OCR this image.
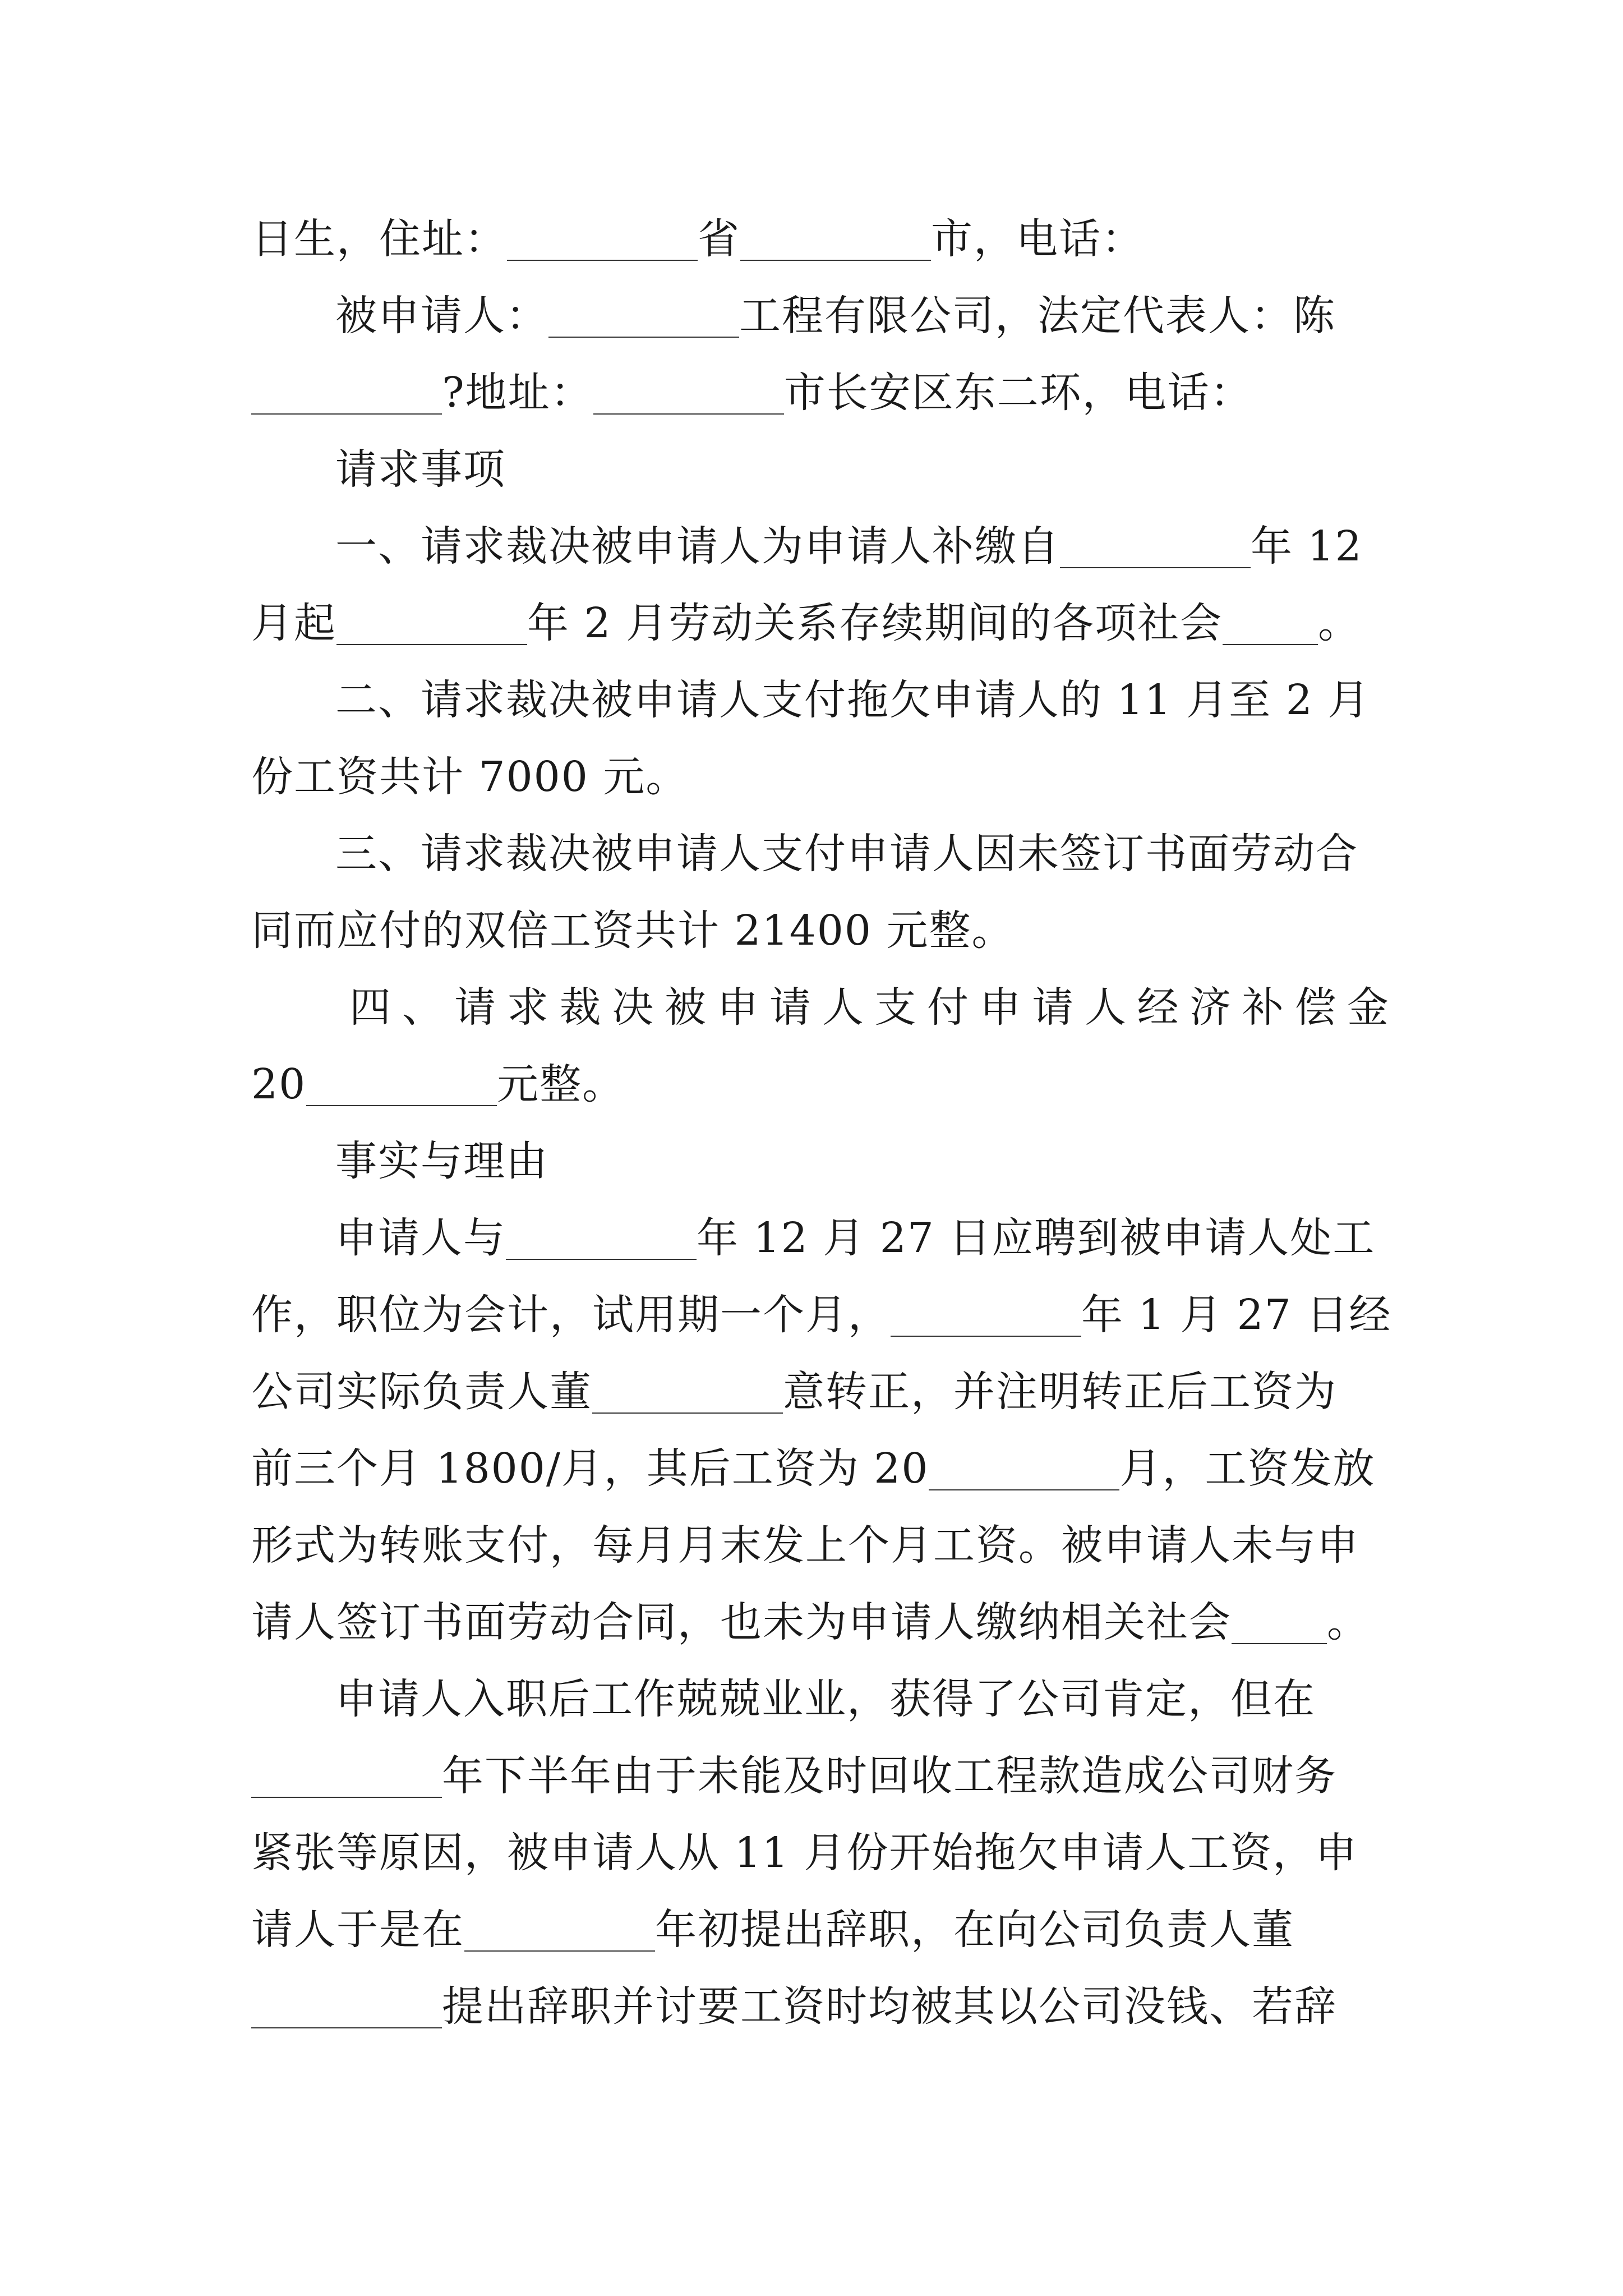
日生，住址：	省	市，电话：
被申请人：	工程有限公司，法定代表人：陈
?地址：	市长安区东二环，电话：
请求事项
一、请求裁决被申请人为申请人补缴自	年 12
月起	年 2 月劳动关系存续期间的各项社会 。
二、请求裁决被申请人支付拖欠申请人的 11 月至 2 月
份工资共计 7000 元。
三、请求裁决被申请人支付申请人因未签订书面劳动合
同而应付的双倍工资共计 21400 元整。
四、请求裁决被申请人支付申请人经济补偿金
20	元整。
事实与理由
申请人与	年 12 月 27 日应聘到被申请人处工
作，职位为会计，试用期一个月，	年 1 月 27 日经
公司实际负责人董	意转正，并注明转正后工资为
前三个月 1800/月，其后工资为 20	月，工资发放
形式为转账支付，每月月末发上个月工资。被申请人未与申
请人签订书面劳动合同，也未为申请人缴纳相关社会 。
申请人入职后工作兢兢业业，获得了公司肯定，但在
年下半年由于未能及时回收工程款造成公司财务
紧张等原因，被申请人从 11 月份开始拖欠申请人工资，申
请人于是在	年初提出辞职，在向公司负责人董
提出辞职并讨要工资时均被其以公司没钱、若辞
